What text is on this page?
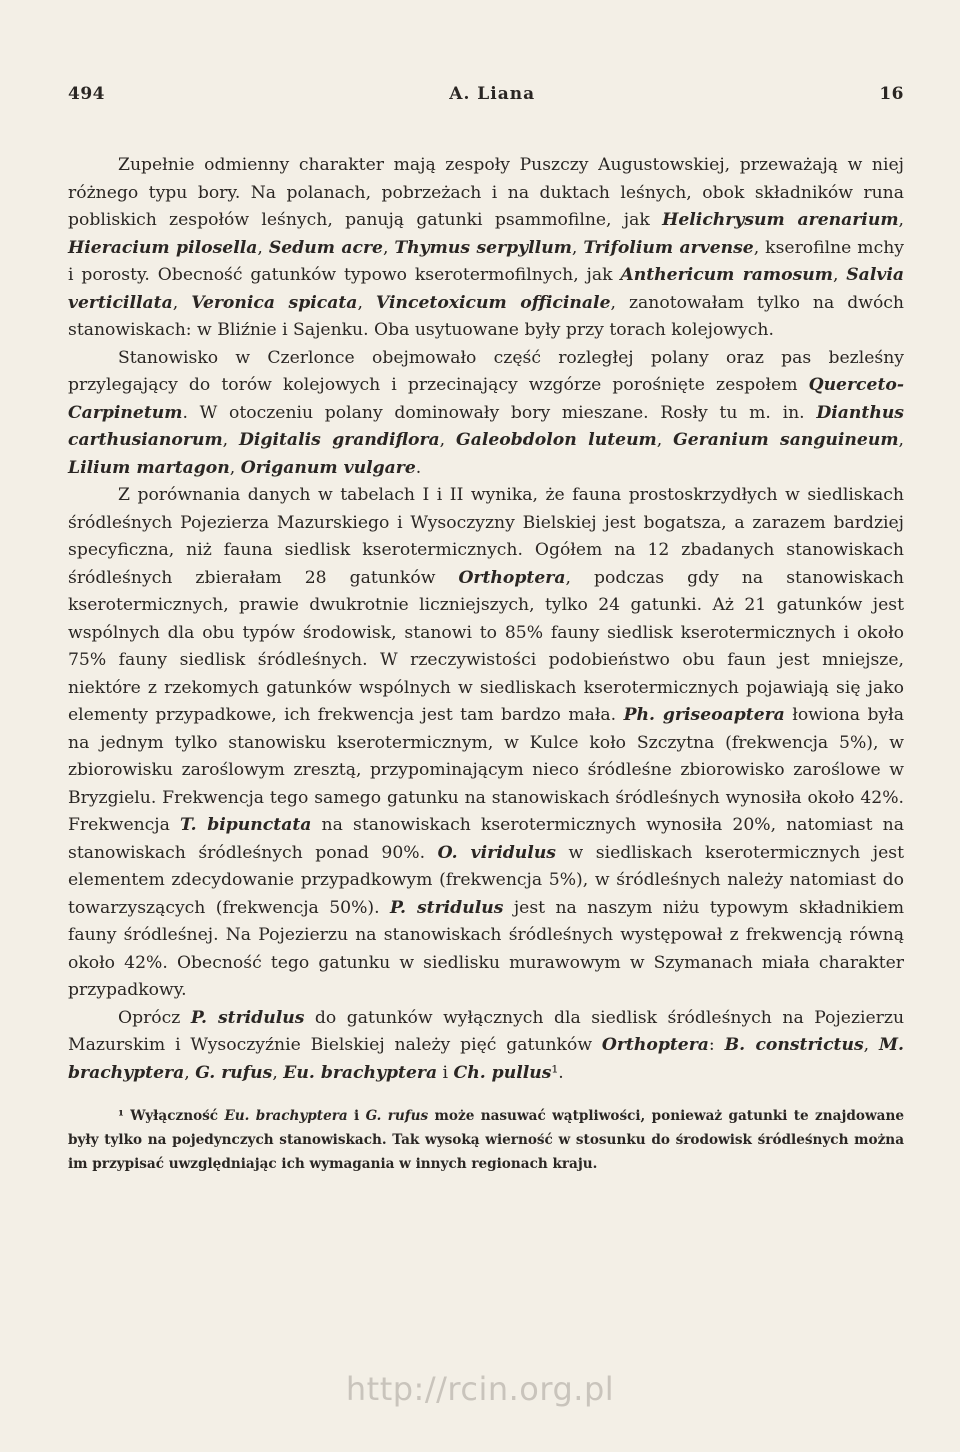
494	A. Liana	16

Zupełnie odmienny charakter mają zespoły Puszczy Augustowskiej, przeważają w niej różnego typu bory. Na polanach, pobrzeżach i na duktach leśnych, obok składników runa pobliskich zespołów leśnych, panują gatunki psammofilne, jak Helichrysum arenarium, Hieracium pilosella, Sedum acre, Thymus serpyllum, Trifolium arvense, kserofilne mchy i porosty. Obecność gatunków typowo kserotermofilnych, jak Anthericum ramosum, Salvia verticillata, Veronica spicata, Vincetoxicum officinale, zanotowałam tylko na dwóch stanowiskach: w Bliźnie i Sajenku. Oba usytuowane były przy torach kolejowych.

Stanowisko w Czerlonce obejmowało część rozległej polany oraz pas bezleśny przylegający do torów kolejowych i przecinający wzgórze porośnięte zespołem Querceto-Carpinetum. W otoczeniu polany dominowały bory mieszane. Rosły tu m. in. Dianthus carthusianorum, Digitalis grandiflora, Galeobdolon luteum, Geranium sanguineum, Lilium martagon, Origanum vulgare.

Z porównania danych w tabelach I i II wynika, że fauna prostoskrzydłych w siedliskach śródleśnych Pojezierza Mazurskiego i Wysoczyzny Bielskiej jest bogatsza, a zarazem bardziej specyficzna, niż fauna siedlisk kserotermicznych. Ogółem na 12 zbadanych stanowiskach śródleśnych zbierałam 28 gatunków Orthoptera, podczas gdy na stanowiskach kserotermicznych, prawie dwukrotnie liczniejszych, tylko 24 gatunki. Aż 21 gatunków jest wspólnych dla obu typów środowisk, stanowi to 85% fauny siedlisk kserotermicznych i około 75% fauny siedlisk śródleśnych. W rzeczywistości podobieństwo obu faun jest mniejsze, niektóre z rzekomych gatunków wspólnych w siedliskach kserotermicznych pojawiają się jako elementy przypadkowe, ich frekwencja jest tam bardzo mała. Ph. griseoaptera łowiona była na jednym tylko stanowisku kserotermicznym, w Kulce koło Szczytna (frekwencja 5%), w zbiorowisku zaroślowym zresztą, przypominającym nieco śródleśne zbiorowisko zaroślowe w Bryzgielu. Frekwencja tego samego gatunku na stanowiskach śródleśnych wynosiła około 42%. Frekwencja T. bipunctata na stanowiskach kserotermicznych wynosiła 20%, natomiast na stanowiskach śródleśnych ponad 90%. O. viridulus w siedliskach kserotermicznych jest elementem zdecydowanie przypadkowym (frekwencja 5%), w śródleśnych należy natomiast do towarzyszących (frekwencja 50%). P. stridulus jest na naszym niżu typowym składnikiem fauny śródleśnej. Na Pojezierzu na stanowiskach śródleśnych występował z frekwencją równą około 42%. Obecność tego gatunku w siedlisku murawowym w Szymanach miała charakter przypadkowy.

Oprócz P. stridulus do gatunków wyłącznych dla siedlisk śródleśnych na Pojezierzu Mazurskim i Wysoczyźnie Bielskiej należy pięć gatunków Orthoptera: B. constrictus, M. brachyptera, G. rufus, Eu. brachyptera i Ch. pullus¹.

¹ Wyłączność Eu. brachyptera i G. rufus może nasuwać wątpliwości, ponieważ gatunki te znajdowane były tylko na pojedynczych stanowiskach. Tak wysoką wierność w stosunku do środowisk śródleśnych można im przypisać uwzględniając ich wymagania w innych regionach kraju.

http://rcin.org.pl
